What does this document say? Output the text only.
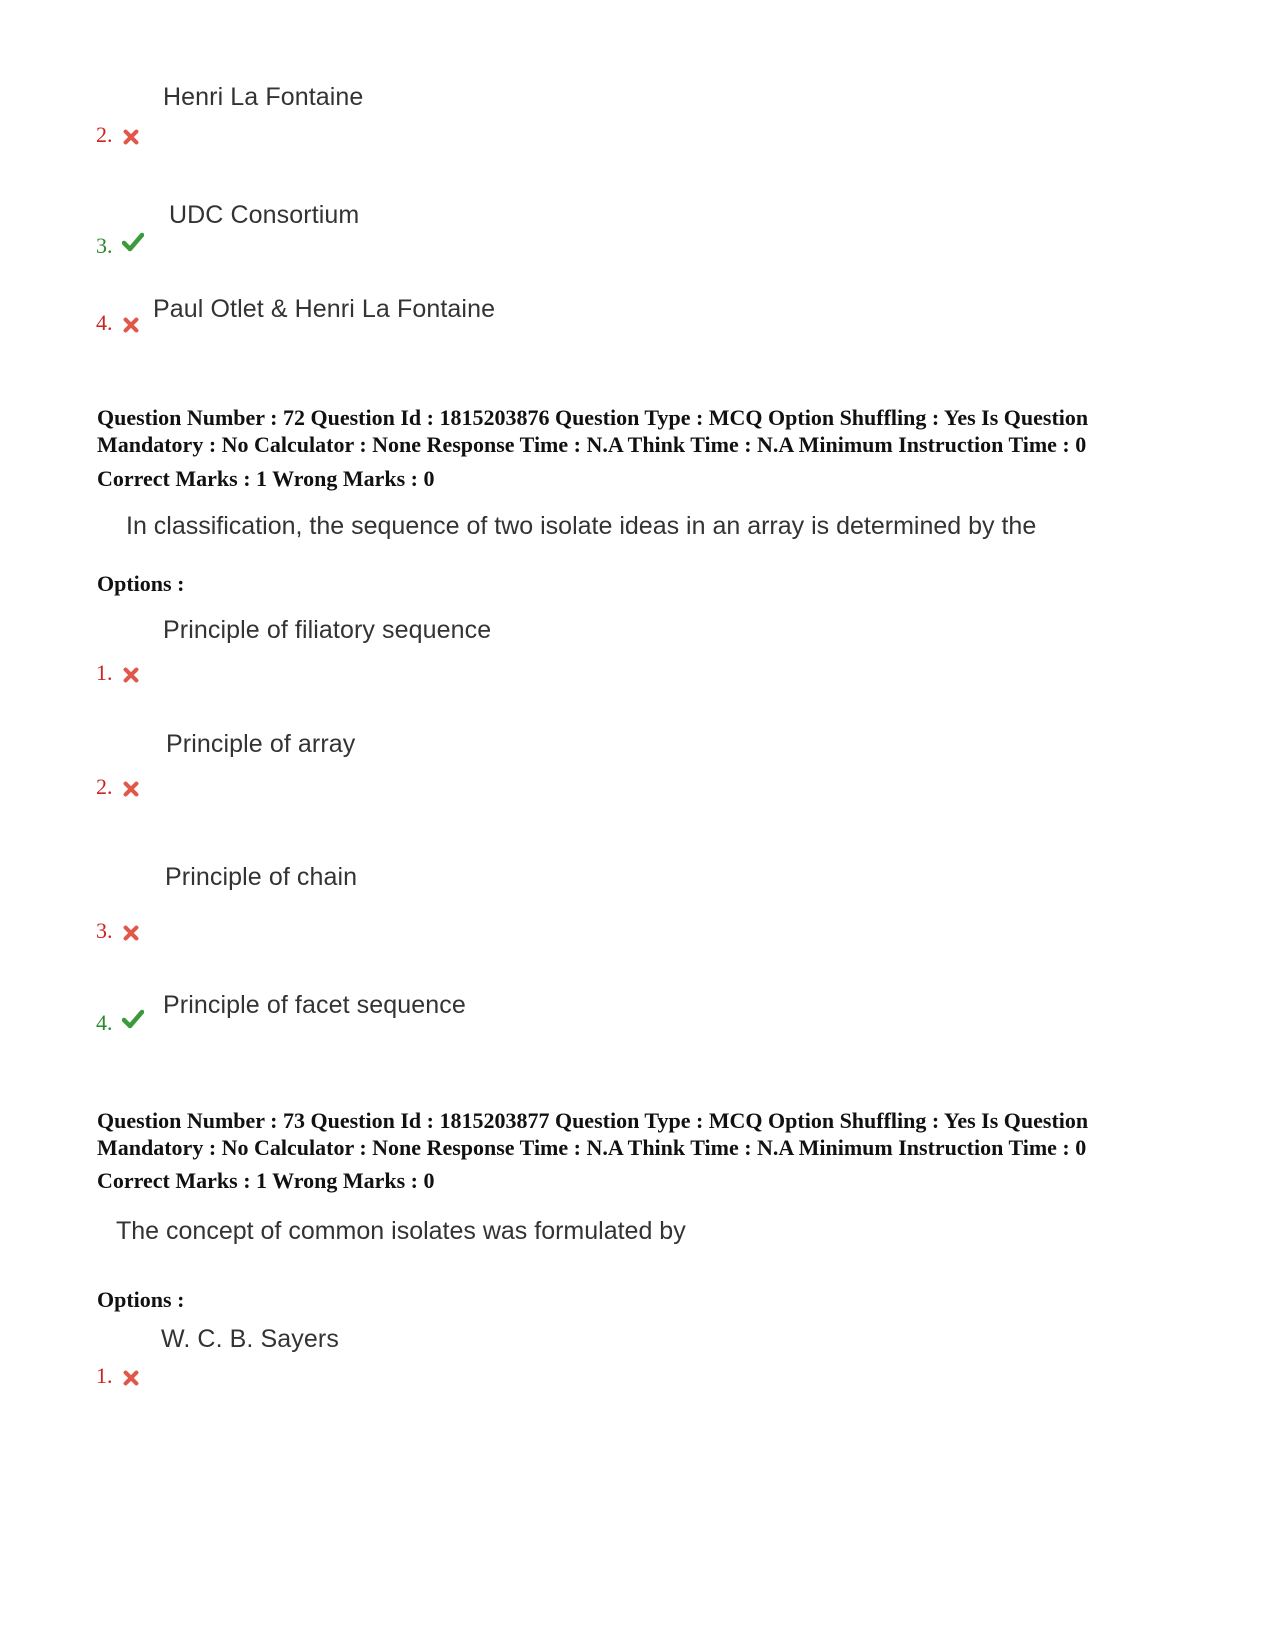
Henri La Fontaine
2.
UDC Consortium
3.
Paul Otlet & Henri La Fontaine
4.
Question Number : 72 Question Id : 1815203876 Question Type : MCQ Option Shuffling : Yes Is Question
Mandatory : No Calculator : None Response Time : N.A Think Time : N.A Minimum Instruction Time : 0
Correct Marks : 1 Wrong Marks : 0
In classification, the sequence of two isolate ideas in an array is determined by the
Options :
Principle of filiatory sequence
1.
Principle of array
2.
Principle of chain
3.
Principle of facet sequence
4.
Question Number : 73 Question Id : 1815203877 Question Type : MCQ Option Shuffling : Yes Is Question
Mandatory : No Calculator : None Response Time : N.A Think Time : N.A Minimum Instruction Time : 0
Correct Marks : 1 Wrong Marks : 0
The concept of common isolates was formulated by
Options :
W. C. B. Sayers
1.
